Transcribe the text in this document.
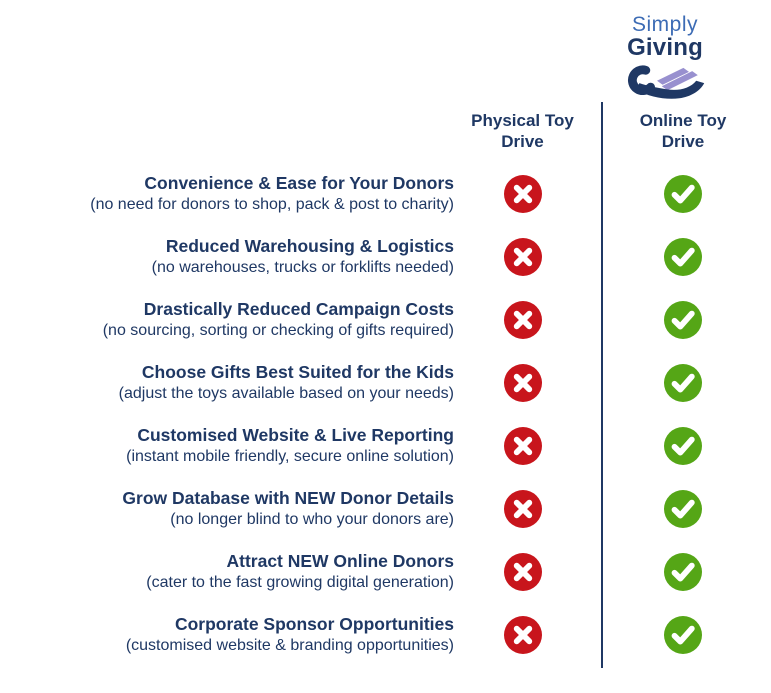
Simply
Giving
Physical Toy Drive
Online Toy Drive
Convenience & Ease for Your Donors
(no need for donors to shop, pack & post to charity)
Reduced Warehousing & Logistics
(no warehouses, trucks or forklifts needed)
Drastically Reduced Campaign Costs
(no sourcing, sorting or checking of gifts required)
Choose Gifts Best Suited for the Kids
(adjust the toys available based on your needs)
Customised Website & Live Reporting
(instant mobile friendly, secure online solution)
Grow Database with NEW Donor Details
(no longer blind to who your donors are)
Attract NEW Online Donors
(cater to the fast growing digital generation)
Corporate Sponsor Opportunities
(customised website & branding opportunities)
